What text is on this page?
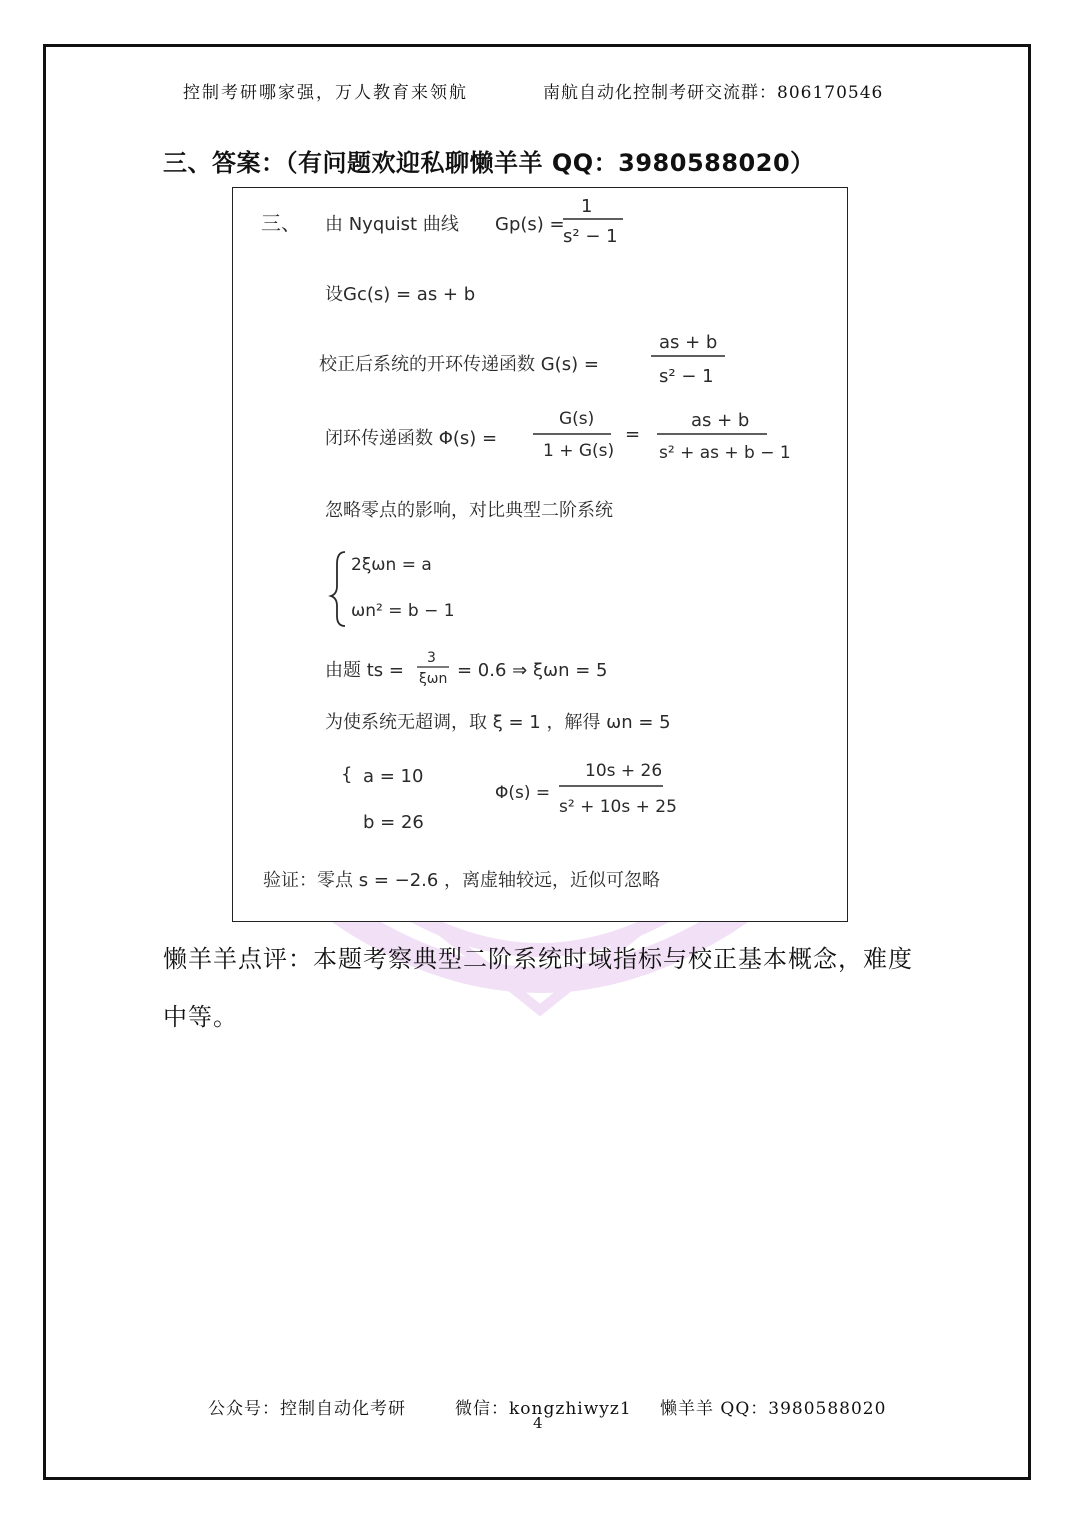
控制考研哪家强，万人教育来领航	南航自动化控制考研交流群：806170546
三、答案：（有问题欢迎私聊懒羊羊 QQ：3980588020）
三、 由 Nyquist 曲线 Gp(s) =
1
s² − 1
设Gc(s) = as + b
校正后系统的开环传递函数 G(s) =
as + b
s² − 1
闭环传递函数 Φ(s) =
G(s)
1 + G(s)
=
as + b
s² + as + b − 1
忽略零点的影响，对比典型二阶系统
2ξωn = a
ωn² = b − 1
由题 ts =
3
ξωn = 0.6 ⇒ ξωn = 5
为使系统无超调，取 ξ = 1 ，解得 ωn = 5
{ a = 10
b = 26
Φ(s) =
10s + 26
s² + 10s + 25
验证：零点 s = −2.6 ，离虚轴较远，近似可忽略
懒羊羊点评：本题考察典型二阶系统时域指标与校正基本概念，难度中等。
公众号：控制自动化考研	微信：kongzhiwyz1 懒羊羊 QQ：3980588020
4
